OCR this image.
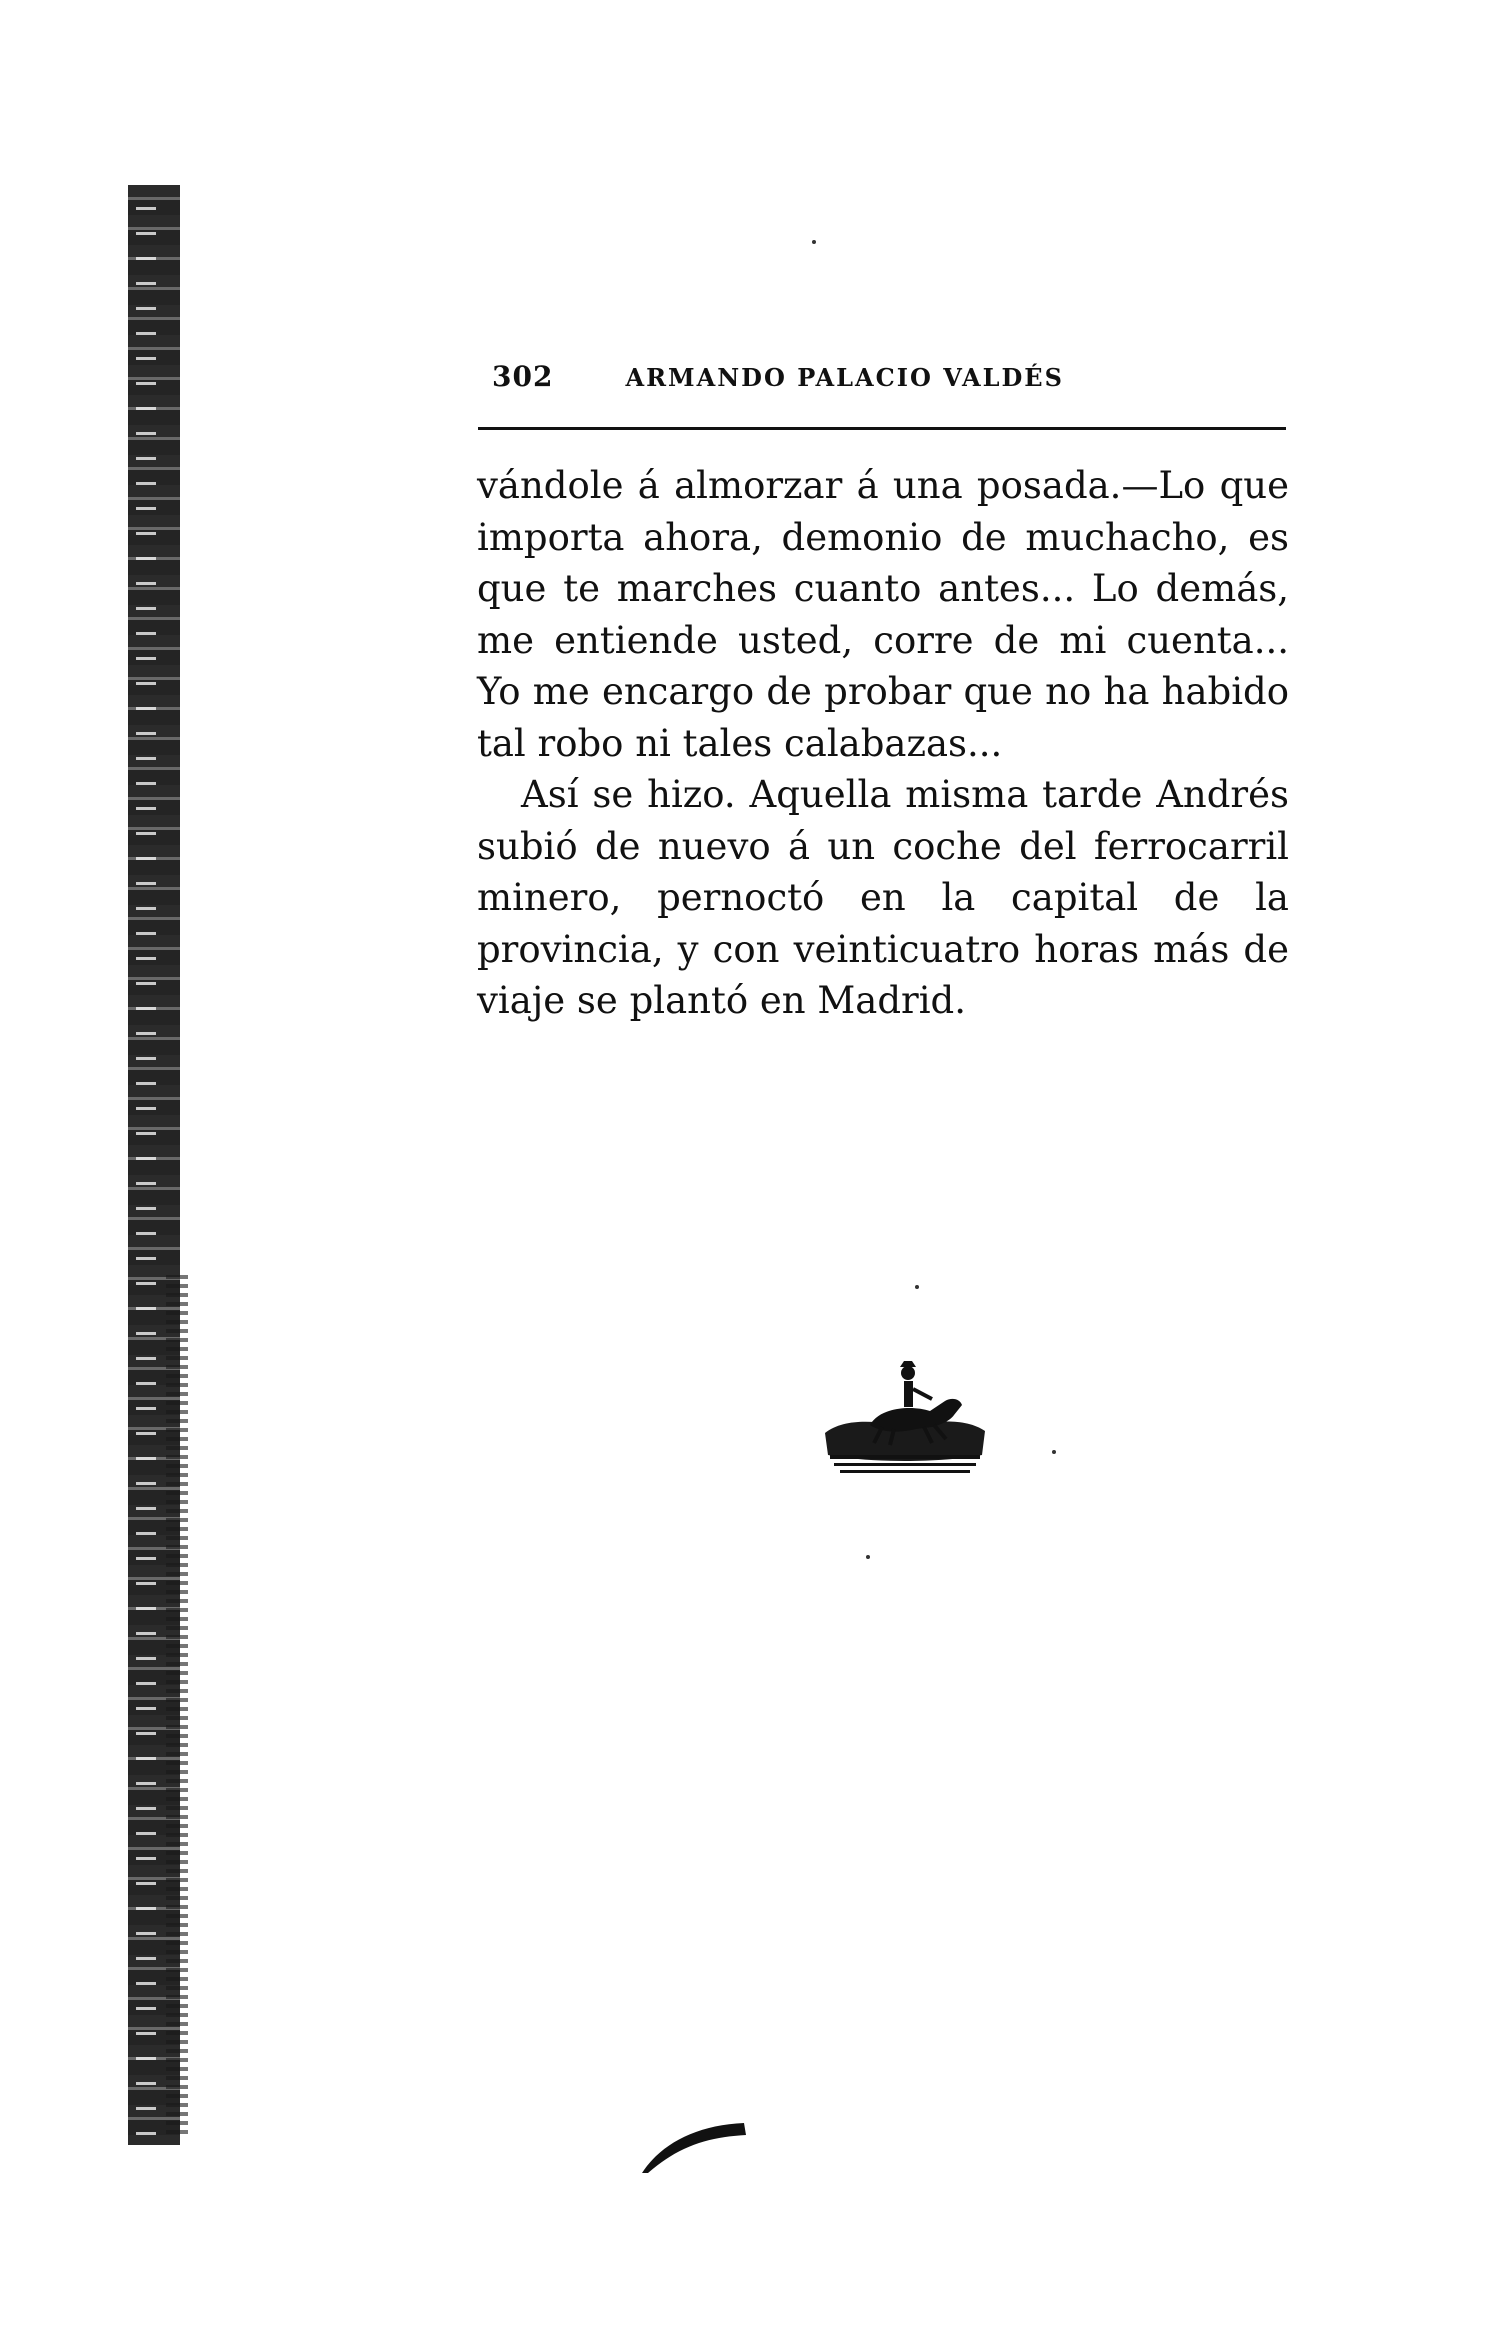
302	ARMANDO PALACIO VALDÉS

vándole á almorzar á una posada.—Lo que importa ahora, demonio de muchacho, es que te marches cuanto antes... Lo demás, me entiende usted, corre de mi cuenta... Yo me encargo de probar que no ha habido tal robo ni tales calabazas...

Así se hizo. Aquella misma tarde Andrés subió de nuevo á un coche del ferrocarril minero, pernoctó en la capital de la provincia, y con veinticuatro horas más de viaje se plantó en Madrid.
